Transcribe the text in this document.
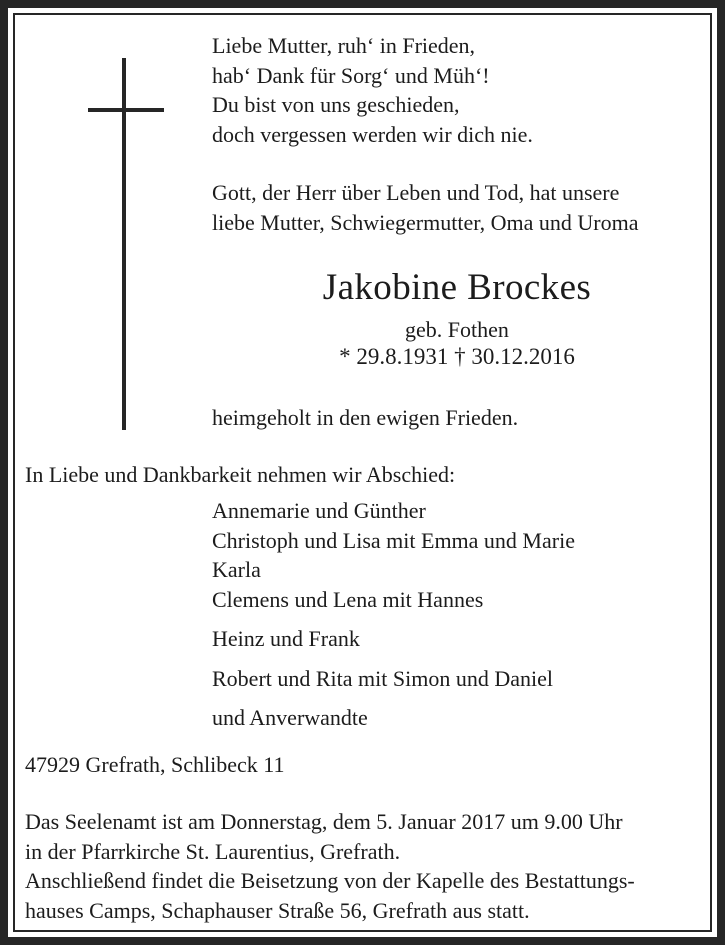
Liebe Mutter, ruh‘ in Frieden,
hab‘ Dank für Sorg‘ und Müh‘!
Du bist von uns geschieden,
doch vergessen werden wir dich nie.
Gott, der Herr über Leben und Tod, hat unsere
liebe Mutter, Schwiegermutter, Oma und Uroma
Jakobine Brockes
geb. Fothen
* 29.8.1931 † 30.12.2016
heimgeholt in den ewigen Frieden.
In Liebe und Dankbarkeit nehmen wir Abschied:
Annemarie und Günther
Christoph und Lisa mit Emma und Marie
Karla
Clemens und Lena mit Hannes
Heinz und Frank
Robert und Rita mit Simon und Daniel
und Anverwandte
47929 Grefrath, Schlibeck 11
Das Seelenamt ist am Donnerstag, dem 5. Januar 2017 um 9.00 Uhr
in der Pfarrkirche St. Laurentius, Grefrath.
Anschließend findet die Beisetzung von der Kapelle des Bestattungs-
hauses Camps, Schaphauser Straße 56, Grefrath aus statt.
